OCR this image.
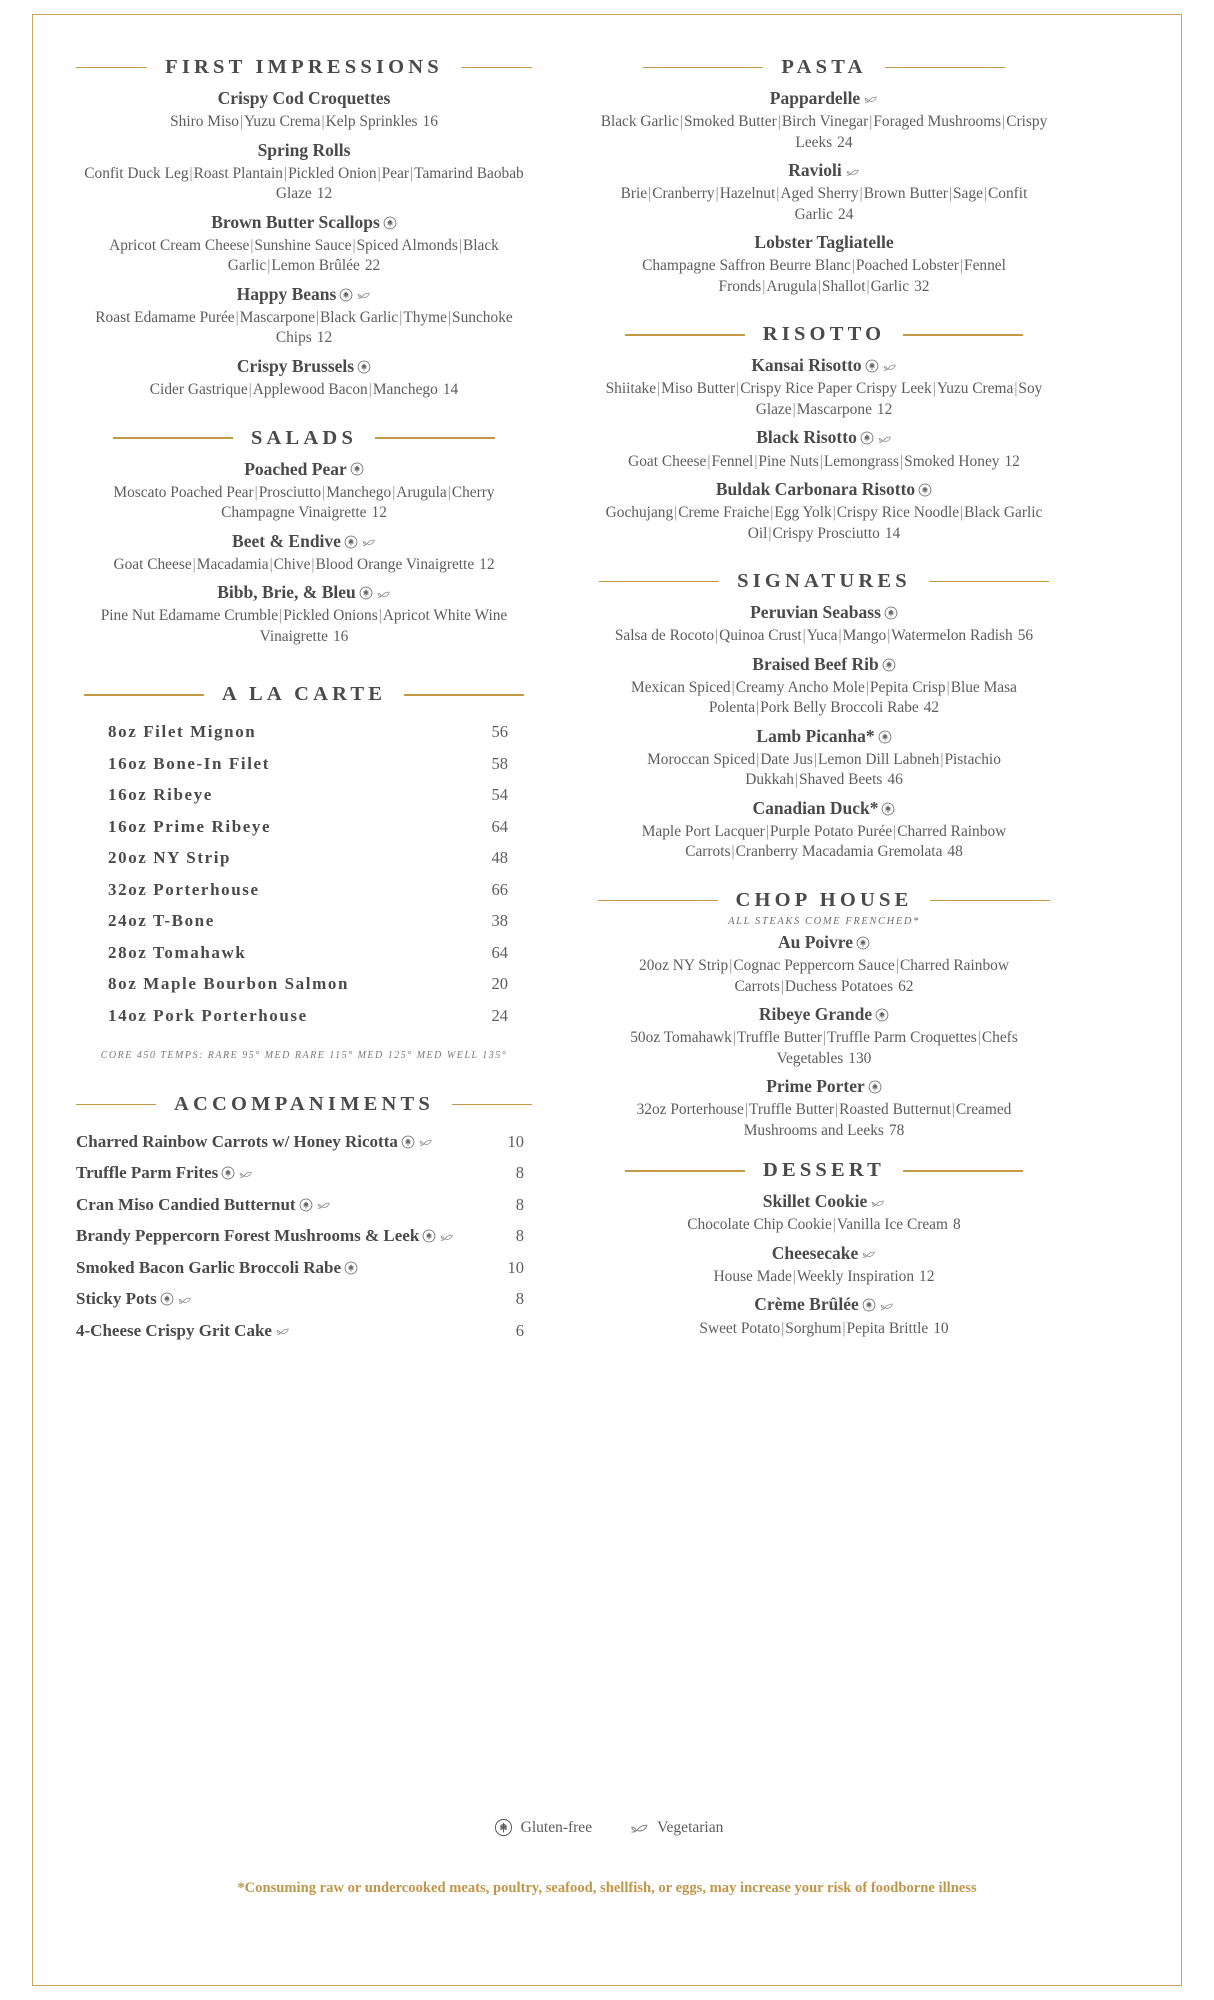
FIRST IMPRESSIONS
Crispy Cod Croquettes
Shiro Miso|Yuzu Crema|Kelp Sprinkles 16
Spring Rolls
Confit Duck Leg|Roast Plantain|Pickled Onion|Pear|Tamarind Baobab Glaze 12
Brown Butter Scallops
Apricot Cream Cheese|Sunshine Sauce|Spiced Almonds|Black Garlic|Lemon Brûlée 22
Happy Beans
Roast Edamame Purée|Mascarpone|Black Garlic|Thyme|Sunchoke Chips 12
Crispy Brussels
Cider Gastrique|Applewood Bacon|Manchego 14
SALADS
Poached Pear
Moscato Poached Pear|Prosciutto|Manchego|Arugula|Cherry Champagne Vinaigrette 12
Beet & Endive
Goat Cheese|Macadamia|Chive|Blood Orange Vinaigrette 12
Bibb, Brie, & Bleu
Pine Nut Edamame Crumble|Pickled Onions|Apricot White Wine Vinaigrette 16
A LA CARTE
8oz Filet Mignon	56
16oz Bone-In Filet	58
16oz Ribeye	54
16oz Prime Ribeye	64
20oz NY Strip	48
32oz Porterhouse	66
24oz T-Bone	38
28oz Tomahawk	64
8oz Maple Bourbon Salmon	20
14oz Pork Porterhouse	24
CORE 450 TEMPS: RARE 95° MED RARE 115° MED 125° MED WELL 135°
ACCOMPANIMENTS
Charred Rainbow Carrots w/ Honey Ricotta	10
Truffle Parm Frites	8
Cran Miso Candied Butternut	8
Brandy Peppercorn Forest Mushrooms & Leek	8
Smoked Bacon Garlic Broccoli Rabe	10
Sticky Pots	8
4-Cheese Crispy Grit Cake	6
PASTA
Pappardelle
Black Garlic|Smoked Butter|Birch Vinegar|Foraged Mushrooms|Crispy Leeks 24
Ravioli
Brie|Cranberry|Hazelnut|Aged Sherry|Brown Butter|Sage|Confit Garlic 24
Lobster Tagliatelle
Champagne Saffron Beurre Blanc|Poached Lobster|Fennel Fronds|Arugula|Shallot|Garlic 32
RISOTTO
Kansai Risotto
Shiitake|Miso Butter|Crispy Rice Paper Crispy Leek|Yuzu Crema|Soy Glaze|Mascarpone 12
Black Risotto
Goat Cheese|Fennel|Pine Nuts|Lemongrass|Smoked Honey 12
Buldak Carbonara Risotto
Gochujang|Creme Fraiche|Egg Yolk|Crispy Rice Noodle|Black Garlic Oil|Crispy Prosciutto 14
SIGNATURES
Peruvian Seabass
Salsa de Rocoto|Quinoa Crust|Yuca|Mango|Watermelon Radish 56
Braised Beef Rib
Mexican Spiced|Creamy Ancho Mole|Pepita Crisp|Blue Masa Polenta|Pork Belly Broccoli Rabe 42
Lamb Picanha*
Moroccan Spiced|Date Jus|Lemon Dill Labneh|Pistachio Dukkah|Shaved Beets 46
Canadian Duck*
Maple Port Lacquer|Purple Potato Purée|Charred Rainbow Carrots|Cranberry Macadamia Gremolata 48
CHOP HOUSE
ALL STEAKS COME FRENCHED*
Au Poivre
20oz NY Strip|Cognac Peppercorn Sauce|Charred Rainbow Carrots|Duchess Potatoes 62
Ribeye Grande
50oz Tomahawk|Truffle Butter|Truffle Parm Croquettes|Chefs Vegetables 130
Prime Porter
32oz Porterhouse|Truffle Butter|Roasted Butternut|Creamed Mushrooms and Leeks 78
DESSERT
Skillet Cookie
Chocolate Chip Cookie|Vanilla Ice Cream 8
Cheesecake
House Made|Weekly Inspiration 12
Crème Brûlée
Sweet Potato|Sorghum|Pepita Brittle 10
Gluten-free	Vegetarian
*Consuming raw or undercooked meats, poultry, seafood, shellfish, or eggs, may increase your risk of foodborne illness
